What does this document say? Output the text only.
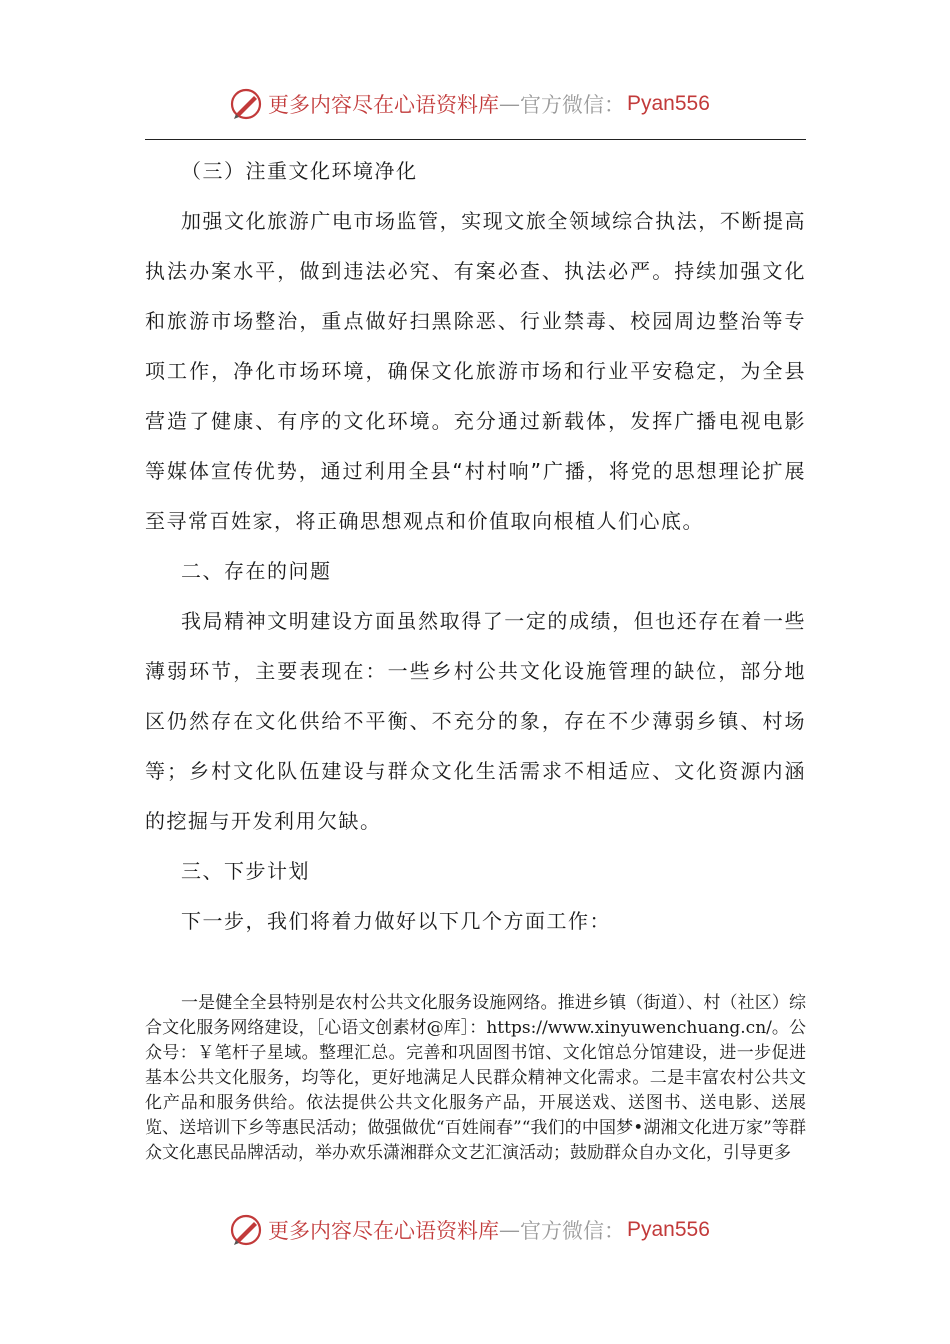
更多内容尽在心语资料库 — 官方微信： Pyan556

（三）注重文化环境净化

加强文化旅游广电市场监管，实现文旅全领域综合执法，不断提高执法办案水平，做到违法必究、有案必查、执法必严。持续加强文化和旅游市场整治，重点做好扫黑除恶、行业禁毒、校园周边整治等专项工作，净化市场环境，确保文化旅游市场和行业平安稳定，为全县营造了健康、有序的文化环境。充分通过新载体，发挥广播电视电影等媒体宣传优势，通过利用全县“村村响”广播，将党的思想理论扩展至寻常百姓家，将正确思想观点和价值取向根植人们心底。

二、存在的问题

我局精神文明建设方面虽然取得了一定的成绩，但也还存在着一些薄弱环节，主要表现在：一些乡村公共文化设施管理的缺位，部分地区仍然存在文化供给不平衡、不充分的象，存在不少薄弱乡镇、村场等；乡村文化队伍建设与群众文化生活需求不相适应、文化资源内涵的挖掘与开发利用欠缺。

三、下步计划

下一步，我们将着力做好以下几个方面工作：

一是健全全县特别是农村公共文化服务设施网络。推进乡镇（街道）、村（社区）综合文化服务网络建设，［心语文创素材@库］：https://www.xinyuwenchuang.cn/。公众号：￥笔杆子星域。整理汇总。完善和巩固图书馆、文化馆总分馆建设，进一步促进基本公共文化服务，均等化，更好地满足人民群众精神文化需求。二是丰富农村公共文化产品和服务供给。依法提供公共文化服务产品，开展送戏、送图书、送电影、送展览、送培训下乡等惠民活动；做强做优“百姓闹春”“我们的中国梦•湖湘文化进万家”等群众文化惠民品牌活动，举办欢乐潇湘群众文艺汇演活动；鼓励群众自办文化，引导更多

更多内容尽在心语资料库 — 官方微信： Pyan556
